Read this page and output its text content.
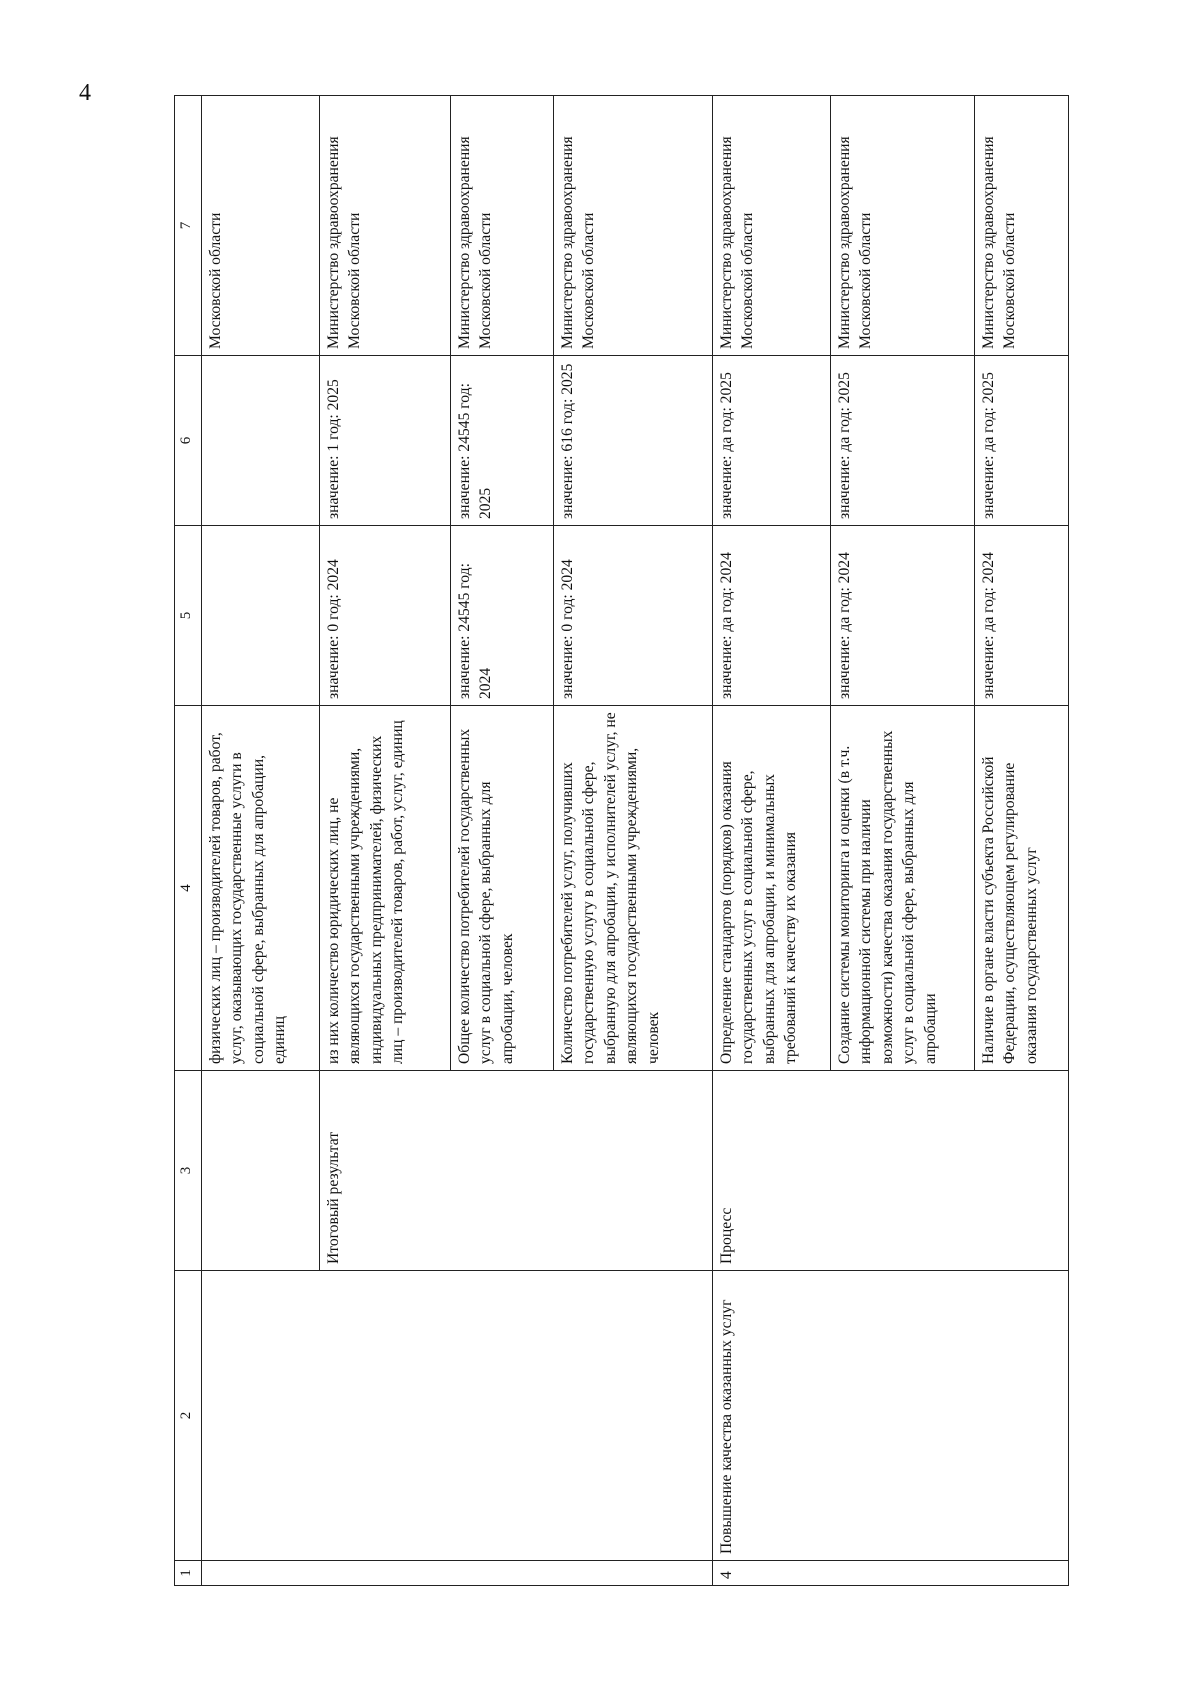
4
1	2	3	4	5	6	7
			физических лиц – производителей товаров, работ, услуг, оказывающих государственные услуги в социальной сфере, выбранных для апробации, единиц			Московской области
		Итоговый результат	из них количество юридических лиц, не являющихся государственными учреждениями, индивидуальных предпринимателей, физических лиц – производителей товаров, работ, услуг, единиц	значение: 0 год: 2024	значение: 1 год: 2025	Министерство здравоохранения Московской области
			Общее количество потребителей государственных услуг в социальной сфере, выбранных для апробации, человек	значение: 24545 год: 2024	значение: 24545 год: 2025	Министерство здравоохранения Московской области
			Количество потребителей услуг, получивших государственную услугу в социальной сфере, выбранную для апробации, у исполнителей услуг, не являющихся государственными учреждениями, человек	значение: 0 год: 2024	значение: 616 год: 2025	Министерство здравоохранения Московской области
4	Повышение качества оказанных услуг	Процесс	Определение стандартов (порядков) оказания государственных услуг в социальной сфере, выбранных для апробации, и минимальных требований к качеству их оказания	значение: да год: 2024	значение: да год: 2025	Министерство здравоохранения Московской области
			Создание системы мониторинга и оценки (в т.ч. информационной системы при наличии возможности) качества оказания государственных услуг в социальной сфере, выбранных для апробации	значение: да год: 2024	значение: да год: 2025	Министерство здравоохранения Московской области
			Наличие в органе власти субъекта Российской Федерации, осуществляющем регулирование оказания государственных услуг	значение: да год: 2024	значение: да год: 2025	Министерство здравоохранения Московской области
